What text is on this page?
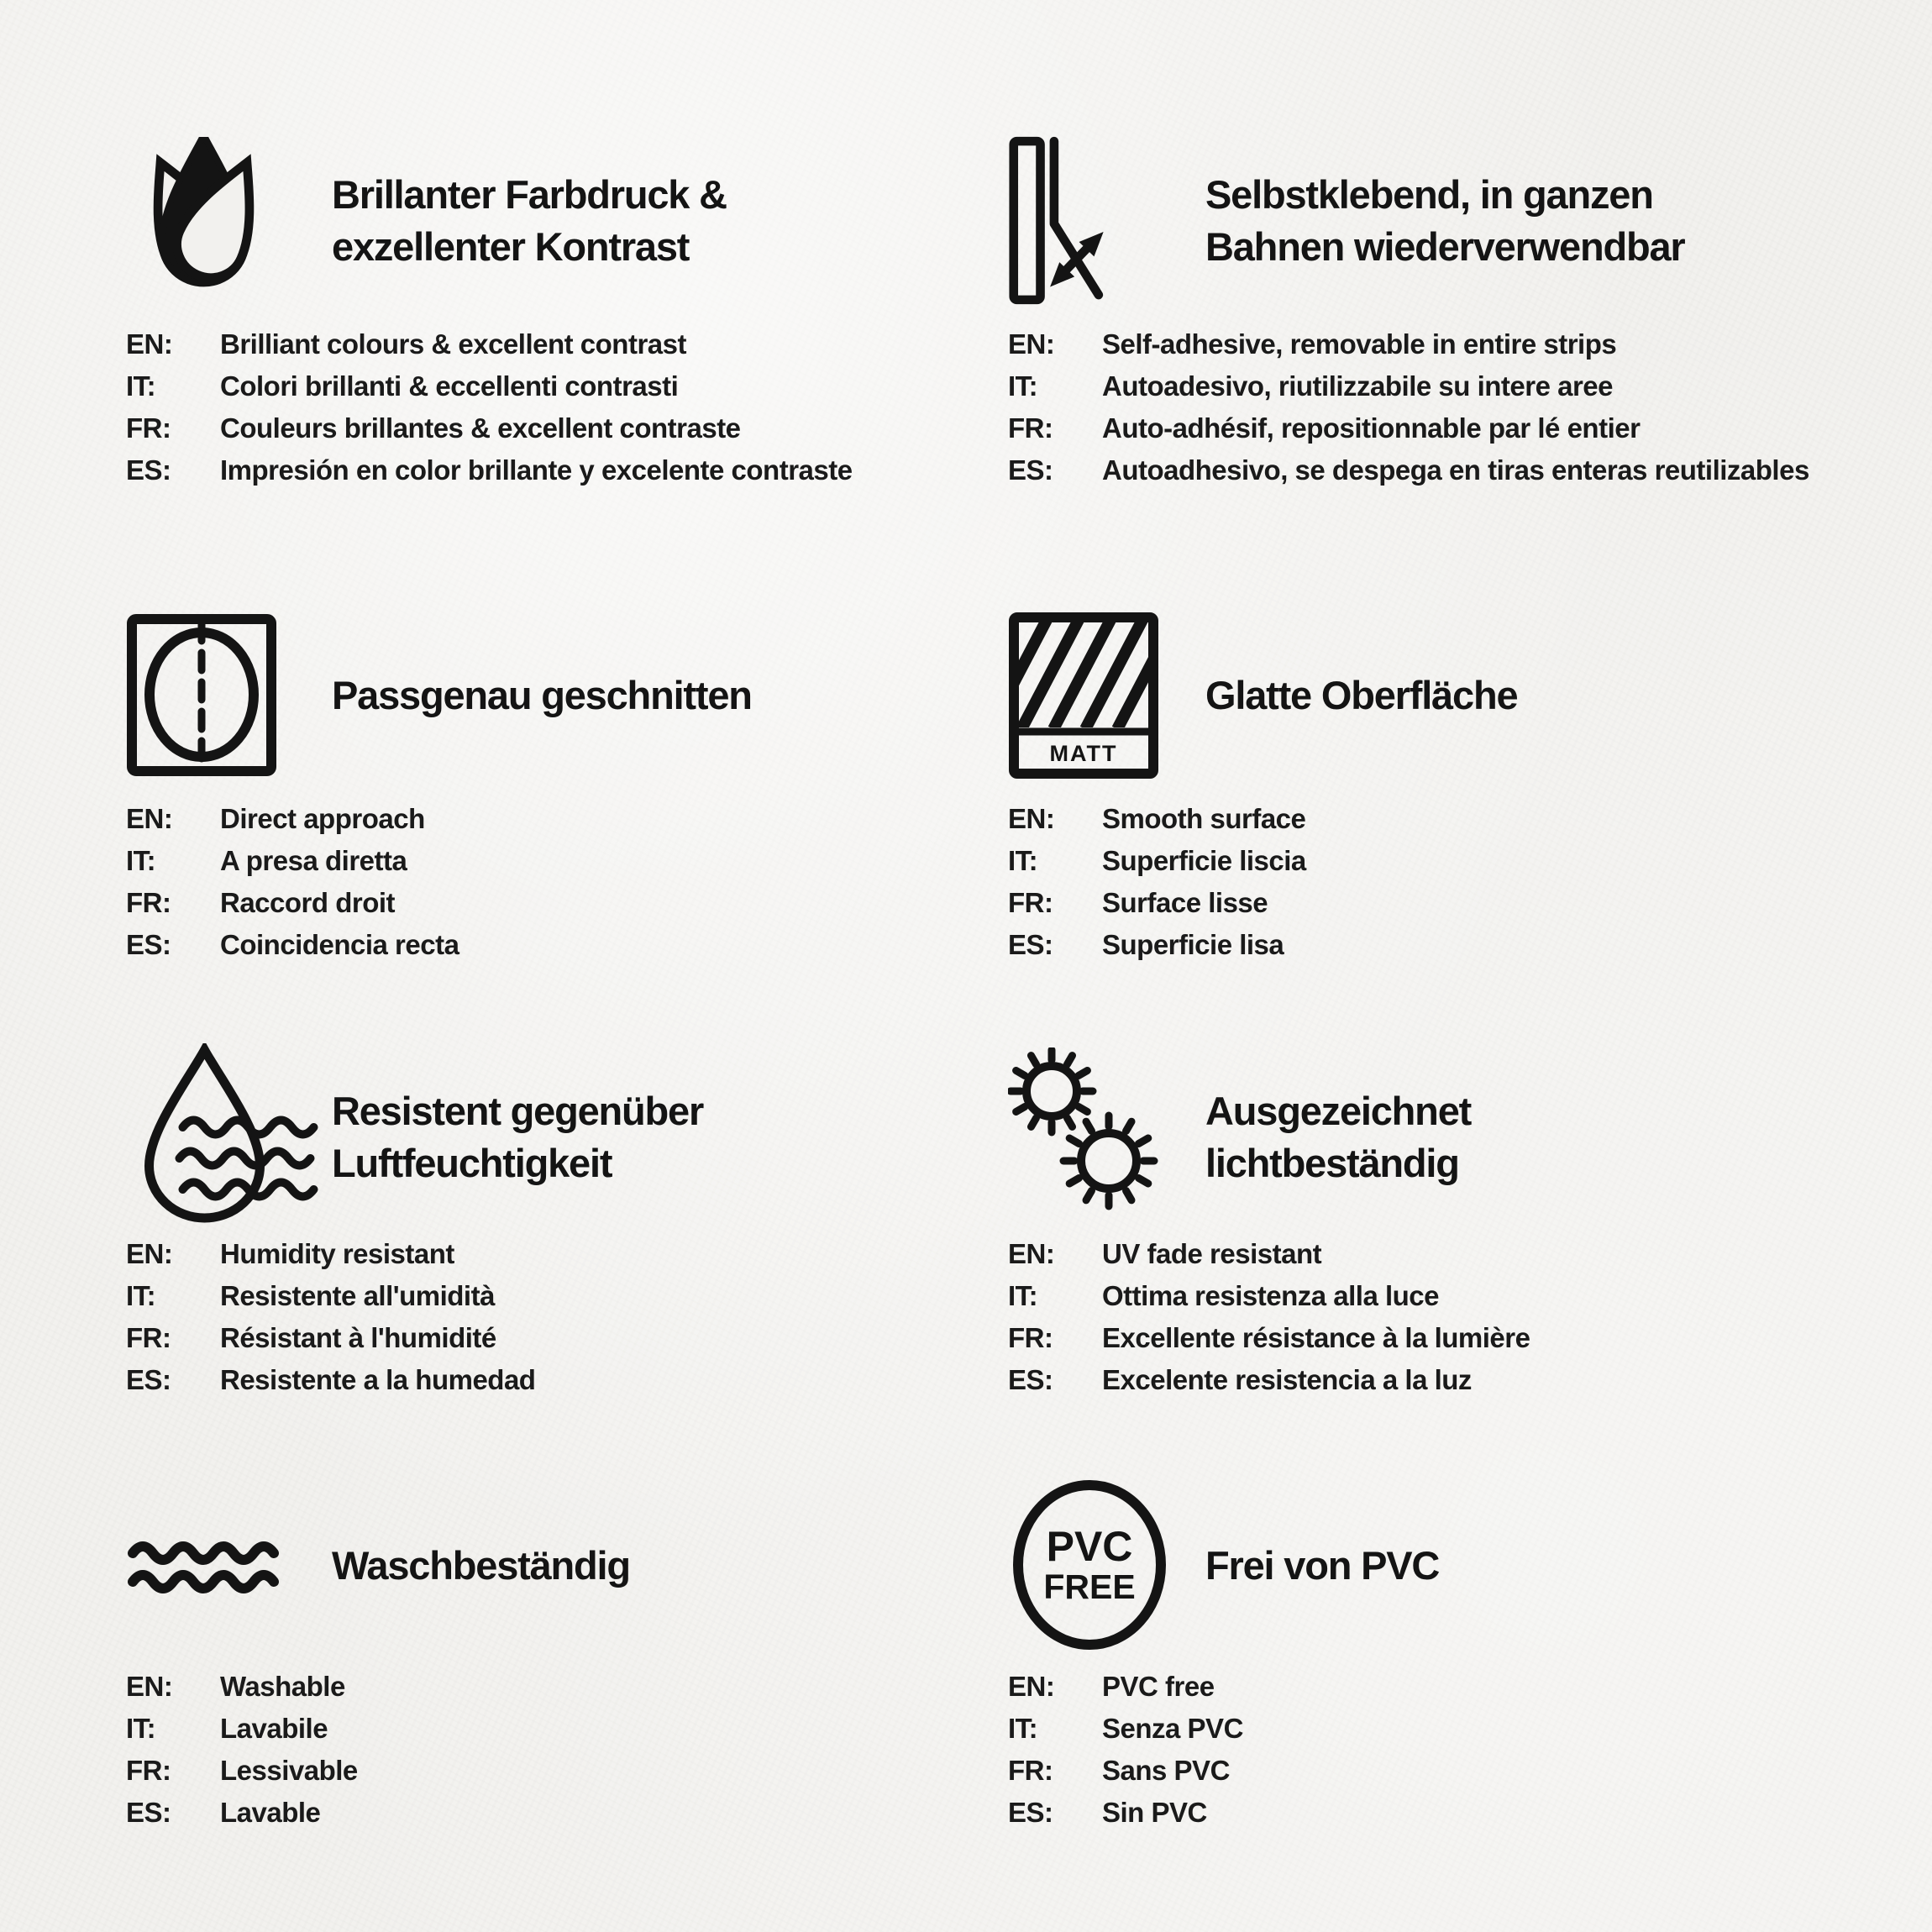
Brillanter Farbdruck &
exzellenter Kontrast
EN:	Brilliant colours & excellent contrast
IT:	Colori brillanti & eccellenti contrasti
FR:	Couleurs brillantes & excellent contraste
ES:	Impresión en color brillante y excelente contraste
Selbstklebend, in ganzen
Bahnen wiederverwendbar
EN:	Self-adhesive, removable in entire strips
IT:	Autoadesivo, riutilizzabile su intere aree
FR:	Auto-adhésif, repositionnable par lé entier
ES:	Autoadhesivo, se despega en tiras enteras reutilizables
Passgenau geschnitten
EN:	Direct approach
IT:	A presa diretta
FR:	Raccord droit
ES:	Coincidencia recta
MATT
Glatte Oberfläche
EN:	Smooth surface
IT:	Superficie liscia
FR:	Surface lisse
ES:	Superficie lisa
Resistent gegenüber
Luftfeuchtigkeit
EN:	Humidity resistant
IT:	Resistente all'umidità
FR:	Résistant à l'humidité
ES:	Resistente a la humedad
Ausgezeichnet
lichtbeständig
EN:	UV fade resistant
IT:	Ottima resistenza alla luce
FR:	Excellente résistance à la lumière
ES:	Excelente resistencia a la luz
Waschbeständig
EN:	Washable
IT:	Lavabile
FR:	Lessivable
ES:	Lavable
PVC
FREE Frei von PVC
EN:	PVC free
IT:	Senza PVC
FR:	Sans PVC
ES:	Sin PVC
